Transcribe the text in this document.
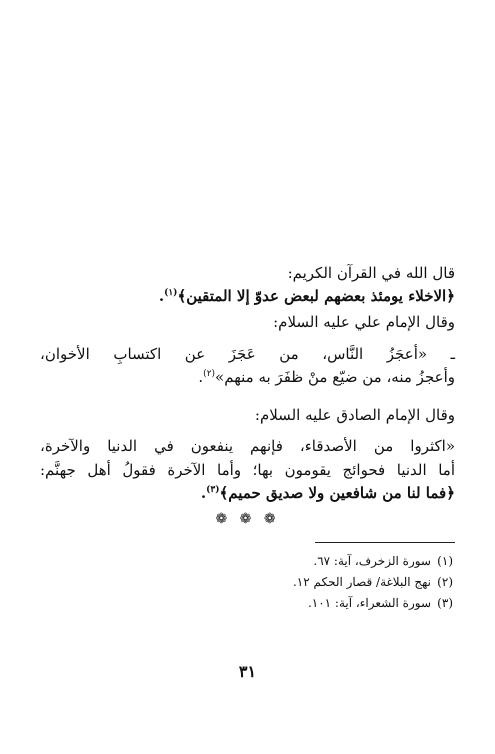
قال الله في القرآن الكريم:
﴿الاخلاء يومئذ بعضهم لبعض عدوّ إلا المتقين﴾$^{(١)}$.
وقال الإمام علي عليه السلام:
ـ «أعجَزُ النَّاس، من عَجَزَ عن اكتسابِ الأخوان،
وأعجزُ منه، من ضيّع منْ ظفَرَ به منهم»$^{(٢)}$.
وقال الإمام الصادق عليه السلام:
«اكثروا من الأصدقاء، فإنهم ينفعون في الدنيا والآخرة،
أما الدنيا فحوائج يقومون بها؛ وأما الآخرة فقولُ أهل جهنَّم:
﴿فما لنا من شافعين ولا صديق حميم﴾$^{(٣)}$.
❁ ❁ ❁
(١)سورة الزخرف، آية: ٦٧.
(٢)نهج البلاغة/ قصار الحكم ١٢.
(٣)سورة الشعراء، آية: ١٠١.
٣١
